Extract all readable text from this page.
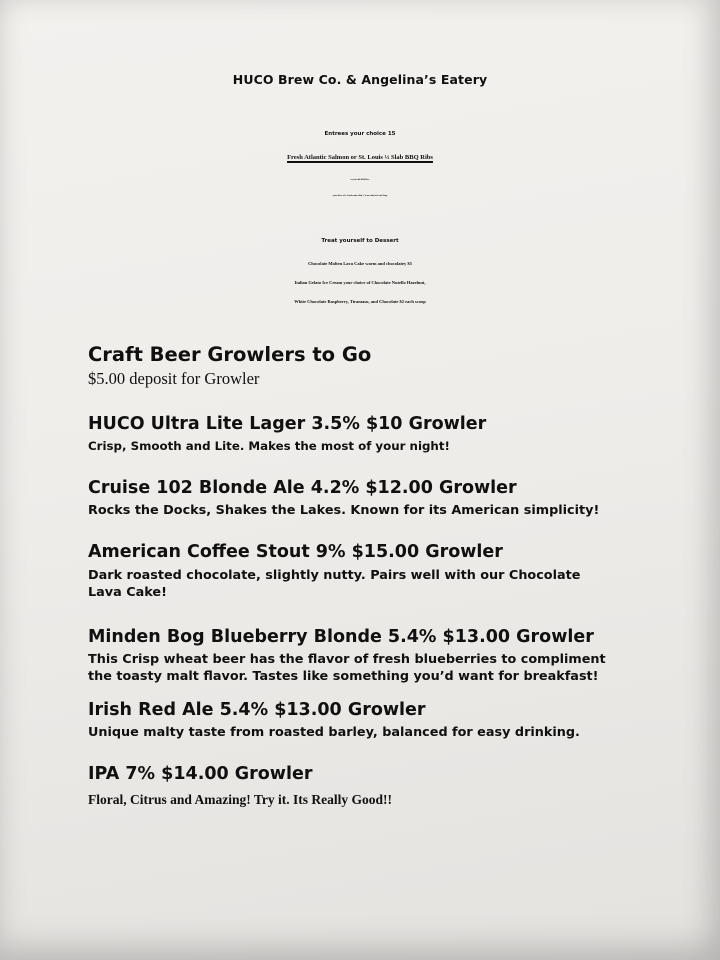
HUCO Brew Co. & Angelina’s Eatery
Entrees your choice 15
Fresh Atlantic Salmon or St. Louis ½ Slab BBQ Ribs
served with Wild Rice,
your choice of a Garden mix salad , Caesar salad or Lentil Soup
Treat yourself to Dessert
Chocolate Molten Lava Cake warm and chocolatey $5
Italian Gelato Ice Cream your choice of Chocolate Nutello Hazelnut,
White Chocolate Raspberry, Tiramasu, and Chocolate $2 each scoop
Craft Beer Growlers to Go
$5.00 deposit for Growler
HUCO Ultra Lite Lager 3.5% $10 Growler
Crisp, Smooth and Lite. Makes the most of your night!
Cruise 102 Blonde Ale 4.2% $12.00 Growler
Rocks the Docks, Shakes the Lakes. Known for its American simplicity!
American Coffee Stout 9% $15.00 Growler
Dark roasted chocolate, slightly nutty. Pairs well with our Chocolate
Lava Cake!
Minden Bog Blueberry Blonde 5.4% $13.00 Growler
This Crisp wheat beer has the flavor of fresh blueberries to compliment
the toasty malt flavor. Tastes like something you’d want for breakfast!
Irish Red Ale 5.4% $13.00 Growler
Unique malty taste from roasted barley, balanced for easy drinking.
IPA 7% $14.00 Growler
Floral, Citrus and Amazing! Try it. Its Really Good!!
